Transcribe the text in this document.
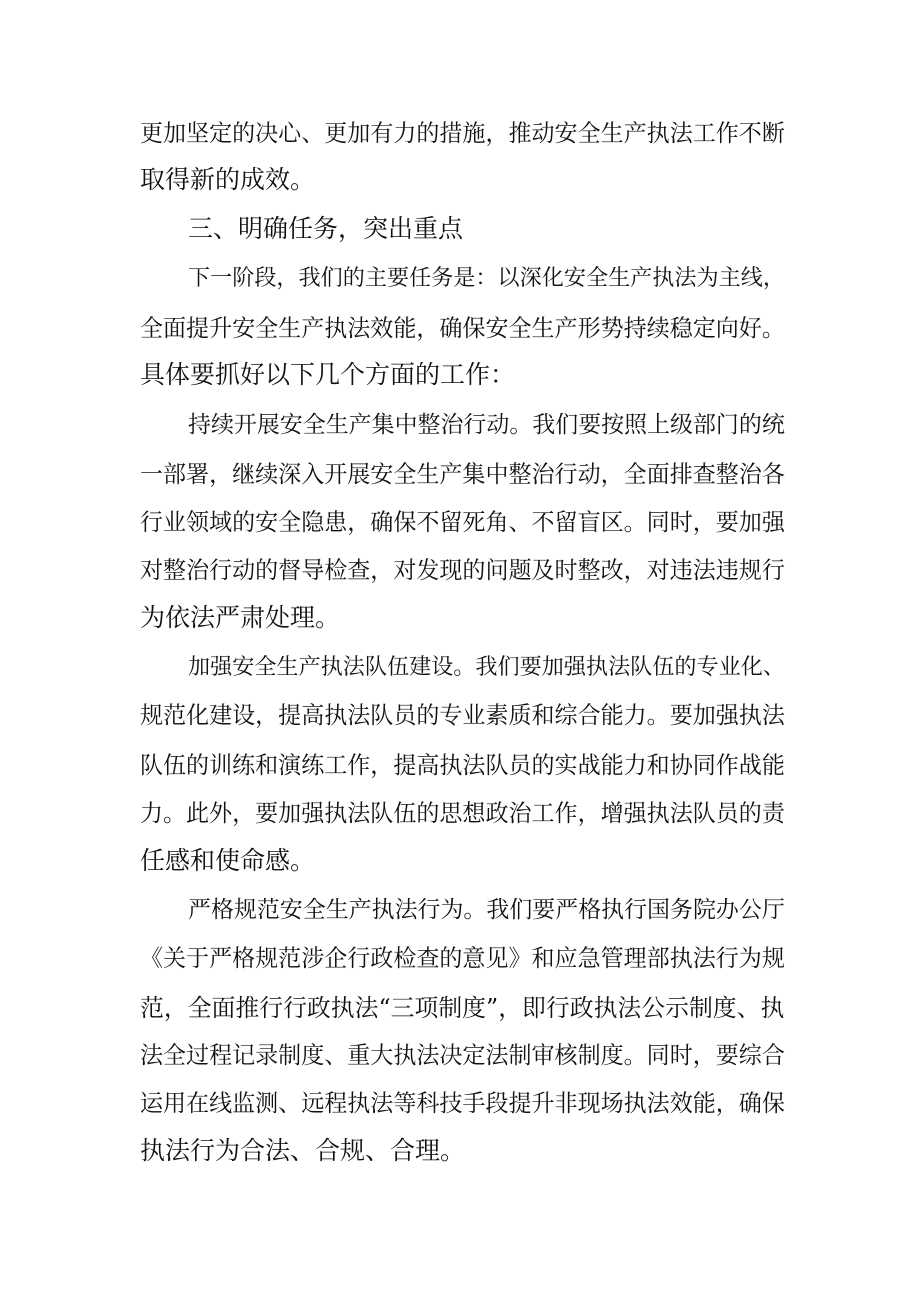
更加坚定的决心、更加有力的措施，推动安全生产执法工作不断
取得新的成效。
三、明确任务，突出重点
下一阶段，我们的主要任务是：以深化安全生产执法为主线，
全面提升安全生产执法效能，确保安全生产形势持续稳定向好。
具体要抓好以下几个方面的工作：
持续开展安全生产集中整治行动。我们要按照上级部门的统
一部署，继续深入开展安全生产集中整治行动，全面排查整治各
行业领域的安全隐患，确保不留死角、不留盲区。同时，要加强
对整治行动的督导检查，对发现的问题及时整改，对违法违规行
为依法严肃处理。
加强安全生产执法队伍建设。我们要加强执法队伍的专业化、
规范化建设，提高执法队员的专业素质和综合能力。要加强执法
队伍的训练和演练工作，提高执法队员的实战能力和协同作战能
力。此外，要加强执法队伍的思想政治工作，增强执法队员的责
任感和使命感。
严格规范安全生产执法行为。我们要严格执行国务院办公厅
《关于严格规范涉企行政检查的意见》和应急管理部执法行为规
范，全面推行行政执法“三项制度”，即行政执法公示制度、执
法全过程记录制度、重大执法决定法制审核制度。同时，要综合
运用在线监测、远程执法等科技手段提升非现场执法效能，确保
执法行为合法、合规、合理。
